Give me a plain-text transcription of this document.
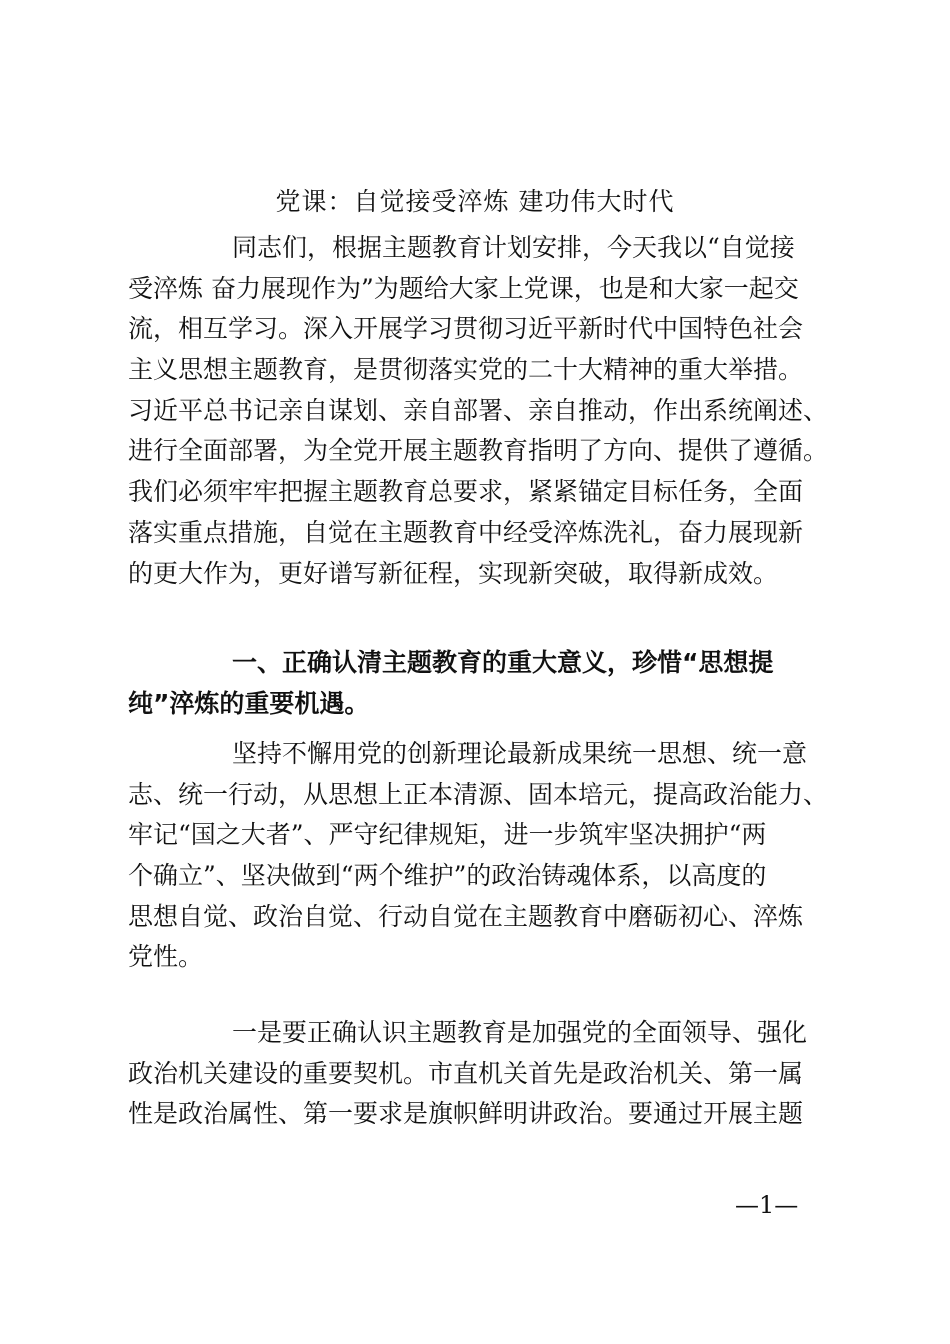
党课：自觉接受淬炼 建功伟大时代
同志们，根据主题教育计划安排，今天我以“自觉接
受淬炼 奋力展现作为”为题给大家上党课，也是和大家一起交
流，相互学习。深入开展学习贯彻习近平新时代中国特色社会
主义思想主题教育，是贯彻落实党的二十大精神的重大举措。
习近平总书记亲自谋划、亲自部署、亲自推动，作出系统阐述、
进行全面部署，为全党开展主题教育指明了方向、提供了遵循。
我们必须牢牢把握主题教育总要求，紧紧锚定目标任务，全面
落实重点措施，自觉在主题教育中经受淬炼洗礼，奋力展现新
的更大作为，更好谱写新征程，实现新突破，取得新成效。
一、正确认清主题教育的重大意义，珍惜“思想提
纯”淬炼的重要机遇。
坚持不懈用党的创新理论最新成果统一思想、统一意
志、统一行动，从思想上正本清源、固本培元，提高政治能力、
牢记“国之大者”、严守纪律规矩，进一步筑牢坚决拥护“两
个确立”、坚决做到“两个维护”的政治铸魂体系，以高度的
思想自觉、政治自觉、行动自觉在主题教育中磨砺初心、淬炼
党性。
一是要正确认识主题教育是加强党的全面领导、强化
政治机关建设的重要契机。市直机关首先是政治机关、第一属
性是政治属性、第一要求是旗帜鲜明讲政治。要通过开展主题
—1—
